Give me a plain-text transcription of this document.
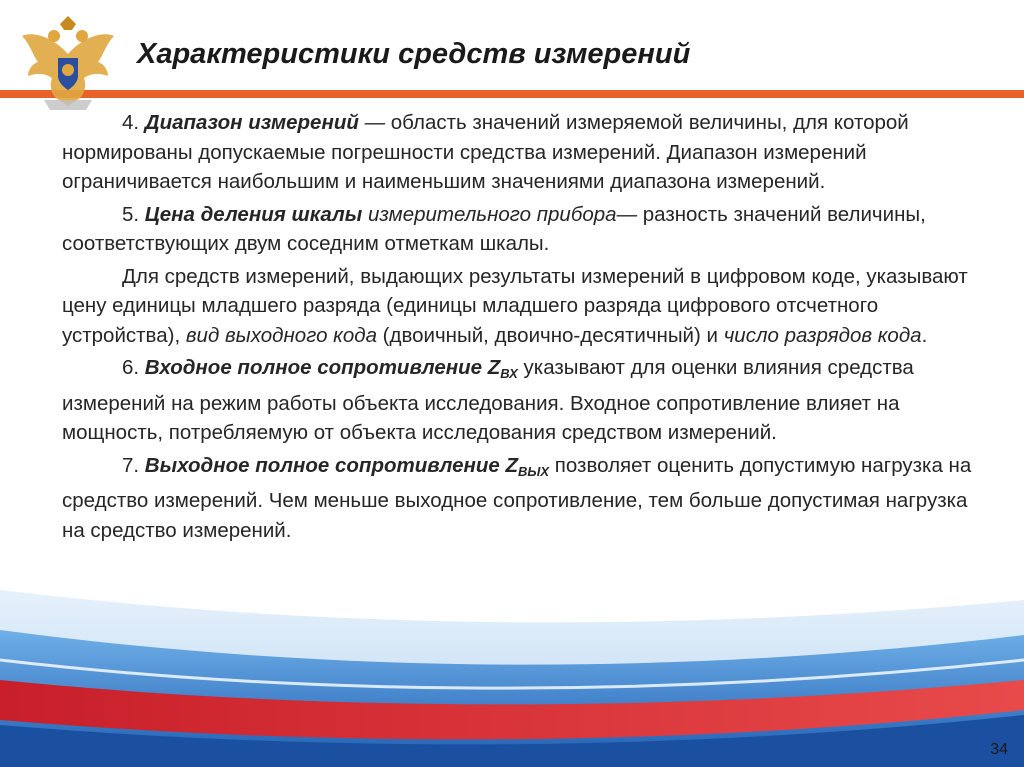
Характеристики средств измерений

4. Диапазон измерений — область значений измеряемой величины, для которой нормированы допускаемые погрешности средства измерений. Диапазон измерений ограничивается наибольшим и наименьшим значениями диапазона измерений.

5. Цена деления шкалы измерительного прибора— разность значений величины, соответствующих двум соседним отметкам шкалы.

Для средств измерений, выдающих результаты измерений в цифровом коде, указывают цену единицы младшего разряда (единицы младшего разряда цифрового отсчетного устройства), вид выходного кода (двоичный, двоично-десятичный) и число разрядов кода.

6. Входное полное сопротивление $Z_{ВХ}$ указывают для оценки влияния средства измерений на режим работы объекта исследования. Входное сопротивление влияет на мощность, потребляемую от объекта исследования средством измерений.

7. Выходное полное сопротивление $Z_{ВЫХ}$ позволяет оценить допустимую нагрузка на средство измерений. Чем меньше выходное сопротивление, тем больше допустимая нагрузка на средство измерений.

34
